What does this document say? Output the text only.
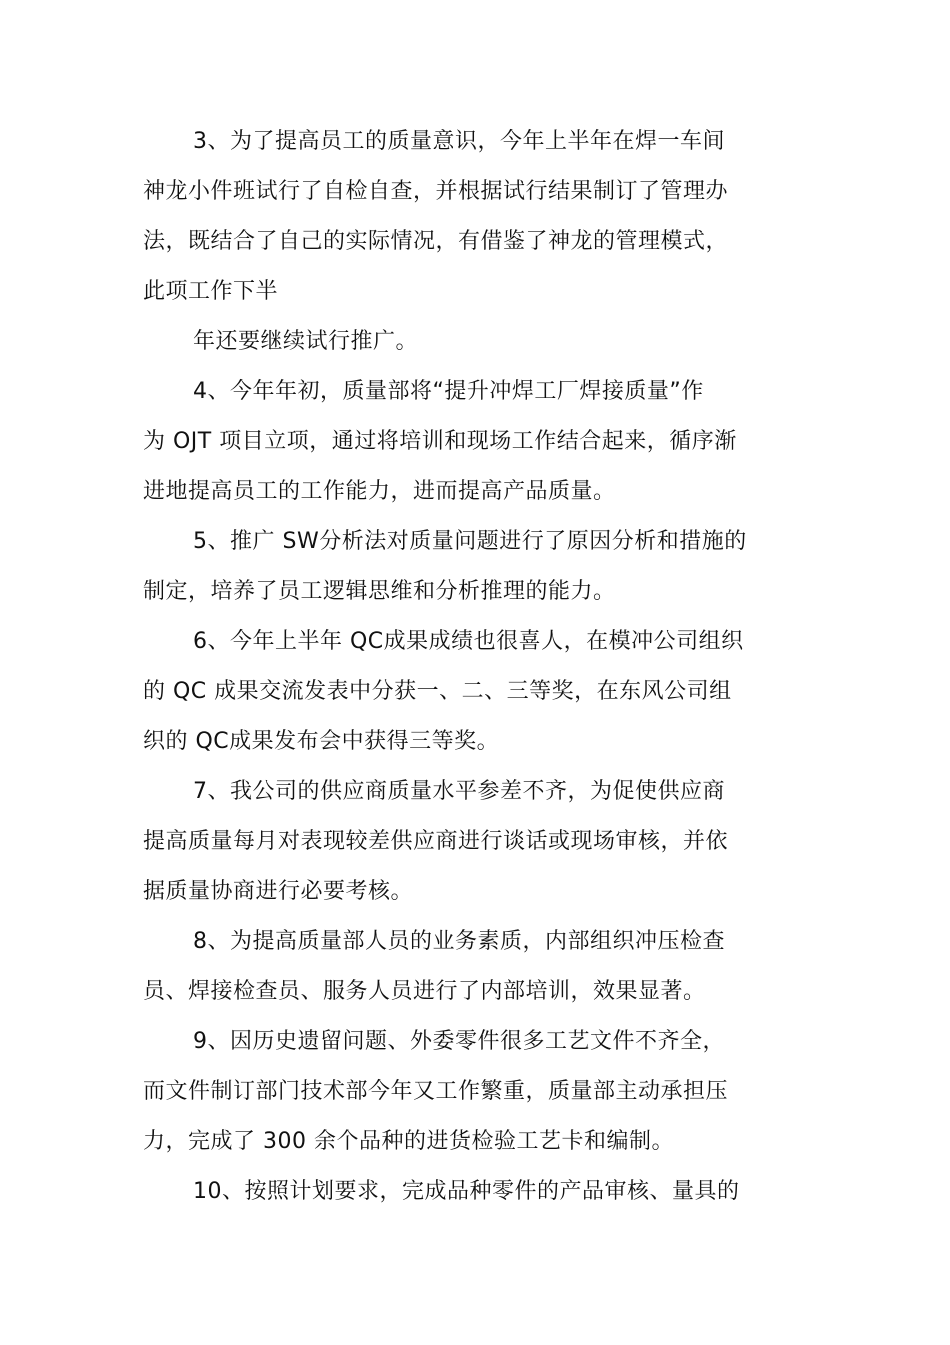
3、为了提高员工的质量意识，今年上半年在焊一车间
神龙小件班试行了自检自查，并根据试行结果制订了管理办
法，既结合了自己的实际情况，有借鉴了神龙的管理模式，
此项工作下半
年还要继续试行推广。
4、今年年初，质量部将“提升冲焊工厂焊接质量”作
为 OJT 项目立项，通过将培训和现场工作结合起来，循序渐
进地提高员工的工作能力，进而提高产品质量。
5、推广 SW分析法对质量问题进行了原因分析和措施的
制定，培养了员工逻辑思维和分析推理的能力。
6、今年上半年 QC成果成绩也很喜人，在模冲公司组织
的 QC 成果交流发表中分获一、二、三等奖，在东风公司组
织的 QC成果发布会中获得三等奖。
7、我公司的供应商质量水平参差不齐，为促使供应商
提高质量每月对表现较差供应商进行谈话或现场审核，并依
据质量协商进行必要考核。
8、为提高质量部人员的业务素质，内部组织冲压检查
员、焊接检查员、服务人员进行了内部培训，效果显著。
9、因历史遗留问题、外委零件很多工艺文件不齐全，
而文件制订部门技术部今年又工作繁重，质量部主动承担压
力，完成了 300 余个品种的进货检验工艺卡和编制。
10、按照计划要求，完成品种零件的产品审核、量具的
